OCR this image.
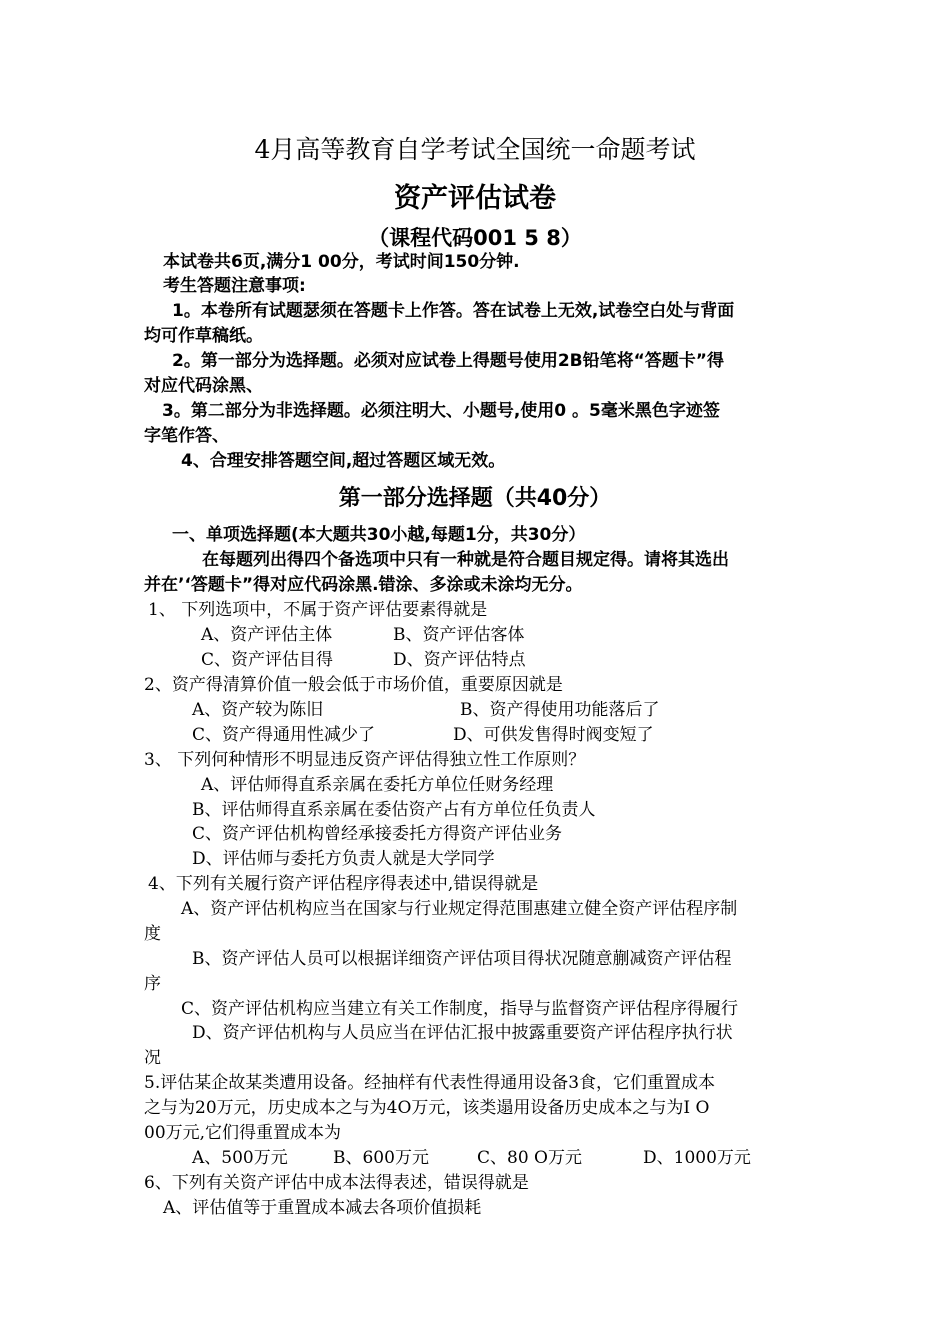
4月高等教育自学考试全国统一命题考试
资产评估试卷
（课程代码001 5 8）
本试卷共6页,满分1 00分，考试时间150分钟.
考生答题注意事项:
1。本卷所有试题瑟须在答题卡上作答。答在试卷上无效,试卷空白处与背面
均可作草稿纸。
2。第一部分为选择题。必须对应试卷上得题号使用2B铅笔将“答题卡”得
对应代码涂黑、
3。第二部分为非选择题。必须注明大、小题号,使用0 。5毫米黑色字迹签
字笔作答、
4、合理安排答题空间,超过答题区域无效。
第一部分选择题（共40分）
一、单项选择题(本大题共30小越,每题1分，共30分）
在每题列出得四个备选项中只有一种就是符合题目规定得。请将其选出
并在’‘答题卡”得对应代码涂黑.错涂、多涂或未涂均无分。
1、 下列选项中，不属于资产评估要素得就是
A、资产评估主体	B、资产评估客体
C、资产评估目得	D、资产评估特点
2、资产得清算价值一般会低于市场价值，重要原因就是
A、资产较为陈旧	B、资产得使用功能落后了
C、资产得通用性减少了	D、可供发售得时阀变短了
3、 下列何种情形不明显违反资产评估得独立性工作原则？
A、评估师得直系亲属在委托方单位任财务经理
B、评估师得直系亲属在委估资产占有方单位任负责人
C、资产评估机构曾经承接委托方得资产评估业务
D、评估师与委托方负责人就是大学同学
4、下列有关履行资产评估程序得表述中,错误得就是
A、资产评估机构应当在国家与行业规定得范围惠建立健全资产评估程序制
度
B、资产评估人员可以根据详细资产评估项目得状况随意蒯减资产评估程
序
C、资产评估机构应当建立有关工作制度，指导与监督资产评估程序得履行
D、资产评估机构与人员应当在评估汇报中披露重要资产评估程序执行状
况
5.评估某企故某类遭用设备。经抽样有代表性得通用设备3食，它们重置成本
之与为20万元，历史成本之与为4O万元，该类遢用设备历史成本之与为I O
00万元,它们得重置成本为
A、500万元	B、600万元	C、80 O万元	D、1000万元
6、下列有关资产评估中成本法得表述，错误得就是
A、评估值等于重置成本减去各项价值损耗
